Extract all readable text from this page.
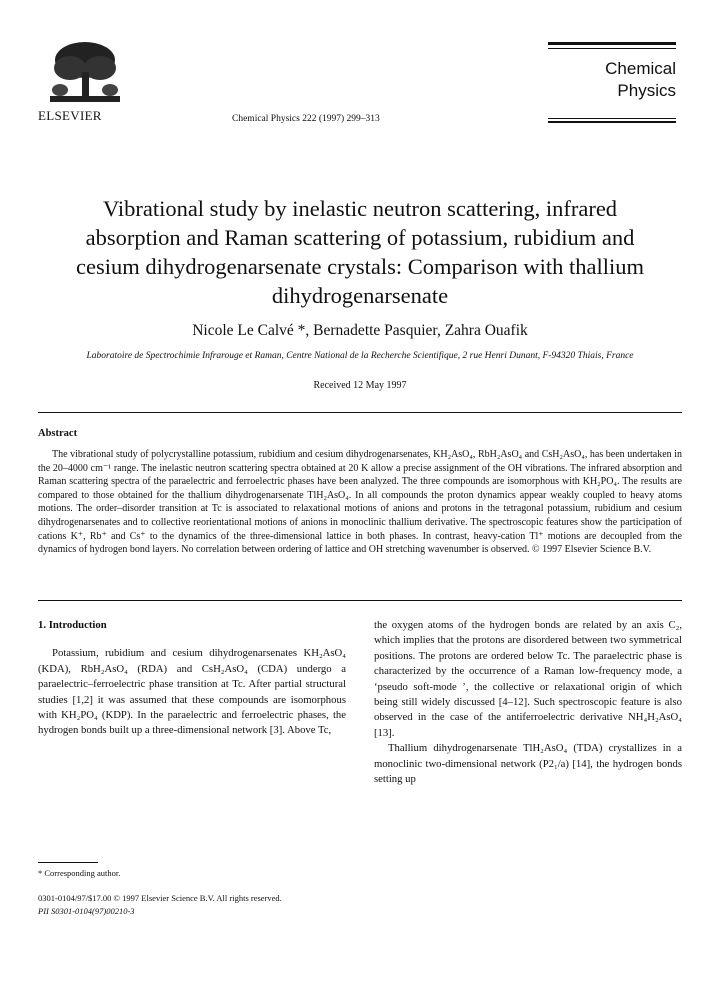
ELSEVIER	Chemical Physics 222 (1997) 299–313
Chemical
Physics
Vibrational study by inelastic neutron scattering, infrared absorption and Raman scattering of potassium, rubidium and cesium dihydrogenarsenate crystals: Comparison with thallium dihydrogenarsenate
Nicole Le Calvé *, Bernadette Pasquier, Zahra Ouafik
Laboratoire de Spectrochimie Infrarouge et Raman, Centre National de la Recherche Scientifique, 2 rue Henri Dunant, F-94320 Thiais, France
Received 12 May 1997
Abstract
The vibrational study of polycrystalline potassium, rubidium and cesium dihydrogenarsenates, KH₂AsO₄, RbH₂AsO₄ and CsH₂AsO₄, has been undertaken in the 20–4000 cm⁻¹ range. The inelastic neutron scattering spectra obtained at 20 K allow a precise assignment of the OH vibrations. The infrared absorption and Raman scattering spectra of the paraelectric and ferroelectric phases have been analyzed. The three compounds are isomorphous with KH₂PO₄. The results are compared to those obtained for the thallium dihydrogenarsenate TlH₂AsO₄. In all compounds the proton dynamics appear weakly coupled to heavy atoms motions. The order–disorder transition at Tc is associated to relaxational motions of anions and protons in the tetragonal potassium, rubidium and cesium dihydrogenarsenates and to collective reorientational motions of anions in monoclinic thallium derivative. The spectroscopic features show the participation of cations K⁺, Rb⁺ and Cs⁺ to the dynamics of the three-dimensional lattice in both phases. In contrast, heavy-cation Tl⁺ motions are decoupled from the dynamics of hydrogen bond layers. No correlation between ordering of lattice and OH stretching wavenumber is observed. © 1997 Elsevier Science B.V.
1. Introduction
Potassium, rubidium and cesium dihydrogenarsenates KH₂AsO₄ (KDA), RbH₂AsO₄ (RDA) and CsH₂AsO₄ (CDA) undergo a paraelectric–ferroelectric phase transition at Tc. After partial structural studies [1,2] it was assumed that these compounds are isomorphous with KH₂PO₄ (KDP). In the paraelectric and ferroelectric phases, the hydrogen bonds built up a three-dimensional network [3]. Above Tc,
the oxygen atoms of the hydrogen bonds are related by an axis C₂, which implies that the protons are disordered between two symmetrical positions. The protons are ordered below Tc. The paraelectric phase is characterized by the occurrence of a Raman low-frequency mode, a ‘pseudo soft-mode ’, the collective or relaxational origin of which being still widely discussed [4–12]. Such spectroscopic feature is also observed in the case of the antiferroelectric derivative NH₄H₂AsO₄ [13].
Thallium dihydrogenarsenate TlH₂AsO₄ (TDA) crystallizes in a monoclinic two-dimensional network (P2₁/a) [14], the hydrogen bonds setting up
* Corresponding author.
0301-0104/97/$17.00 © 1997 Elsevier Science B.V. All rights reserved.
PII S0301-0104(97)00210-3
